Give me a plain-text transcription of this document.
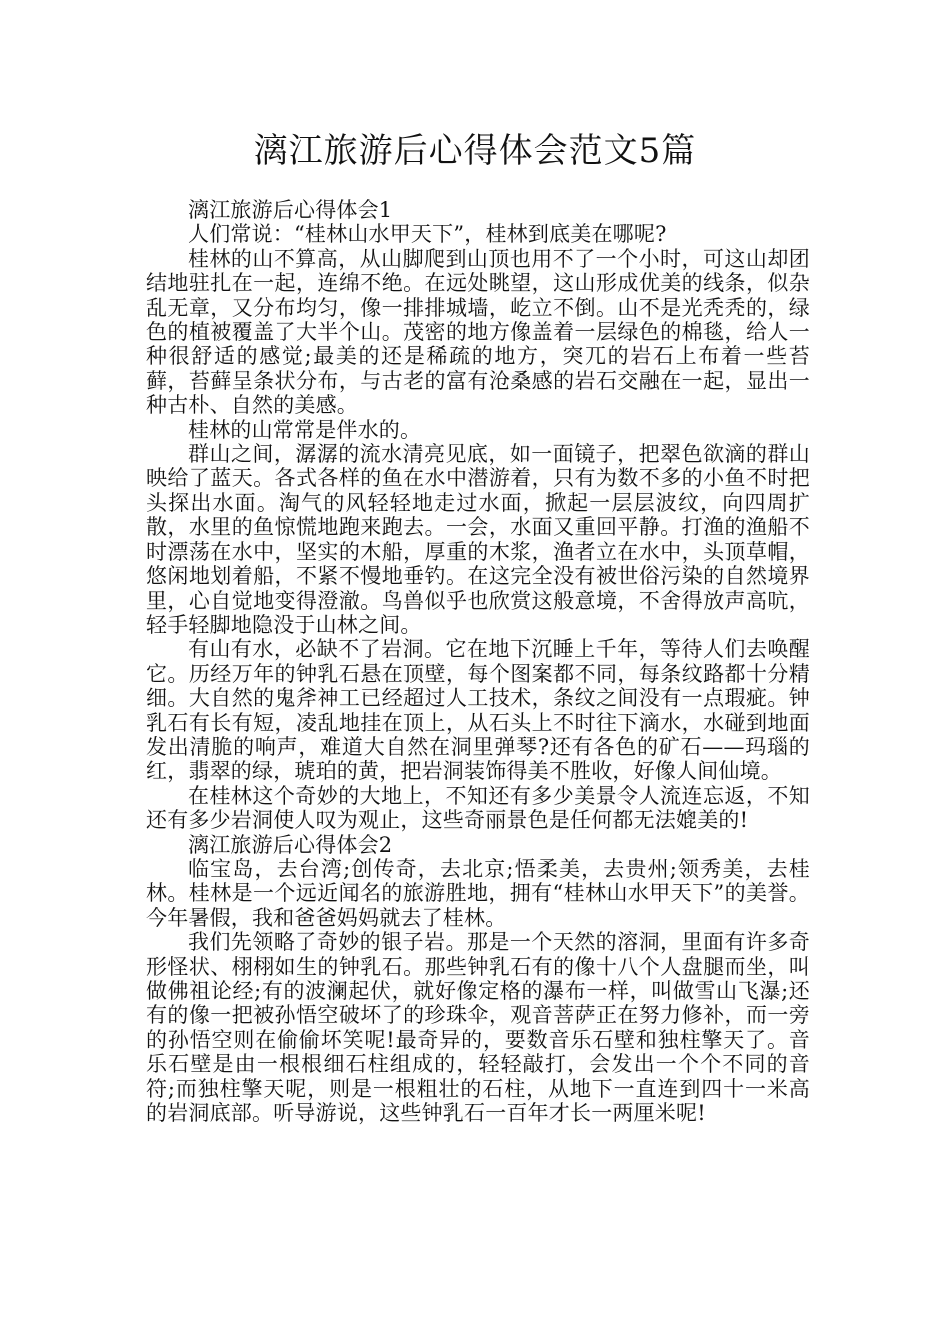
漓江旅游后心得体会范文5篇

漓江旅游后心得体会1

人们常说：“桂林山水甲天下”，桂林到底美在哪呢?

桂林的山不算高，从山脚爬到山顶也用不了一个小时，可这山却团结地驻扎在一起，连绵不绝。在远处眺望，这山形成优美的线条，似杂乱无章，又分布均匀，像一排排城墙，屹立不倒。山不是光秃秃的，绿色的植被覆盖了大半个山。茂密的地方像盖着一层绿色的棉毯，给人一种很舒适的感觉;最美的还是稀疏的地方，突兀的岩石上布着一些苔藓，苔藓呈条状分布，与古老的富有沧桑感的岩石交融在一起，显出一种古朴、自然的美感。

桂林的山常常是伴水的。

群山之间，潺潺的流水清亮见底，如一面镜子，把翠色欲滴的群山映给了蓝天。各式各样的鱼在水中潜游着，只有为数不多的小鱼不时把头探出水面。淘气的风轻轻地走过水面，掀起一层层波纹，向四周扩散，水里的鱼惊慌地跑来跑去。一会，水面又重回平静。打渔的渔船不时漂荡在水中，坚实的木船，厚重的木浆，渔者立在水中，头顶草帽，悠闲地划着船，不紧不慢地垂钓。在这完全没有被世俗污染的自然境界里，心自觉地变得澄澈。鸟兽似乎也欣赏这般意境，不舍得放声高吭，轻手轻脚地隐没于山林之间。

有山有水，必缺不了岩洞。它在地下沉睡上千年，等待人们去唤醒它。历经万年的钟乳石悬在顶壁，每个图案都不同，每条纹路都十分精细。大自然的鬼斧神工已经超过人工技术，条纹之间没有一点瑕疵。钟乳石有长有短，凌乱地挂在顶上，从石头上不时往下滴水，水碰到地面发出清脆的响声，难道大自然在洞里弹琴?还有各色的矿石——玛瑙的红，翡翠的绿，琥珀的黄，把岩洞装饰得美不胜收，好像人间仙境。

在桂林这个奇妙的大地上，不知还有多少美景令人流连忘返，不知还有多少岩洞使人叹为观止，这些奇丽景色是任何都无法媲美的!

漓江旅游后心得体会2

临宝岛，去台湾;创传奇，去北京;悟柔美，去贵州;领秀美，去桂林。桂林是一个远近闻名的旅游胜地，拥有“桂林山水甲天下”的美誉。今年暑假，我和爸爸妈妈就去了桂林。

我们先领略了奇妙的银子岩。那是一个天然的溶洞，里面有许多奇形怪状、栩栩如生的钟乳石。那些钟乳石有的像十八个人盘腿而坐，叫做佛祖论经;有的波澜起伏，就好像定格的瀑布一样，叫做雪山飞瀑;还有的像一把被孙悟空破坏了的珍珠伞，观音菩萨正在努力修补，而一旁的孙悟空则在偷偷坏笑呢!最奇异的，要数音乐石壁和独柱擎天了。音乐石壁是由一根根细石柱组成的，轻轻敲打，会发出一个个不同的音符;而独柱擎天呢，则是一根粗壮的石柱，从地下一直连到四十一米高的岩洞底部。听导游说，这些钟乳石一百年才长一两厘米呢!
